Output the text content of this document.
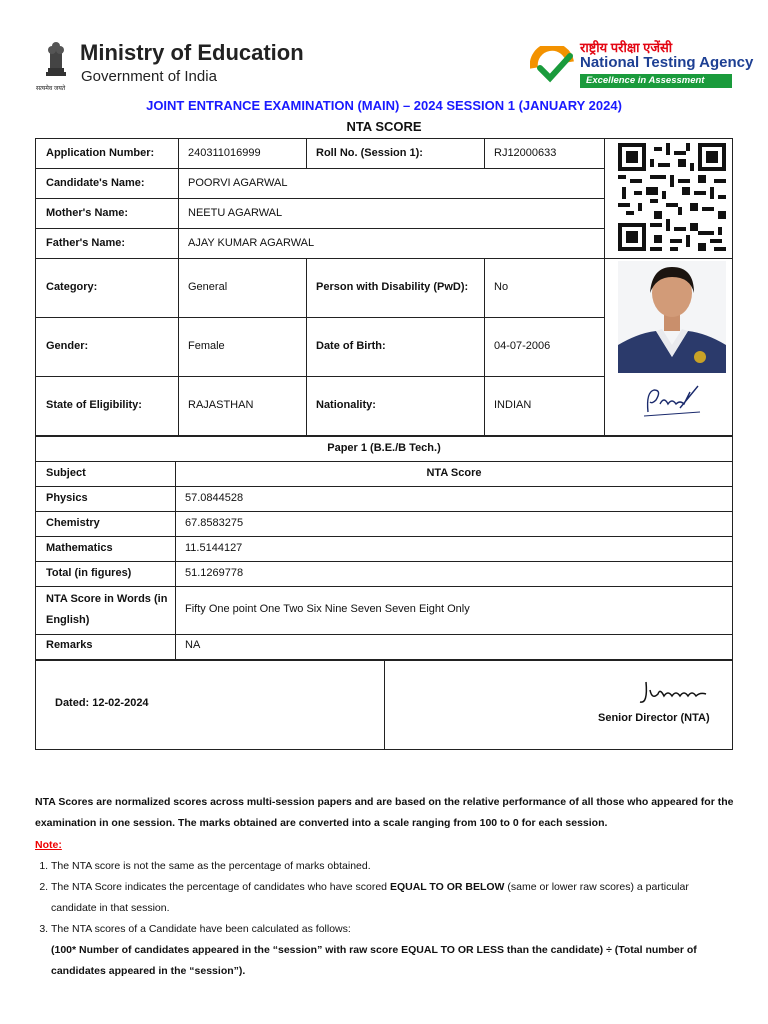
सत्यमेव जयते
Ministry of Education
Government of India
राष्ट्रीय परीक्षा एजेंसी
National Testing Agency
Excellence in Assessment
JOINT ENTRANCE EXAMINATION (MAIN) – 2024 SESSION 1 (JANUARY 2024)
NTA SCORE
Application Number:	240311016999	Roll No. (Session 1):	RJ12000633
Candidate's Name:	POORVI AGARWAL
Mother's Name:	NEETU AGARWAL
Father's Name:	AJAY KUMAR AGARWAL
Category:	General	Person with Disability (PwD): No
Gender:	Female	Date of Birth:	04-07-2006
State of Eligibility:	RAJASTHAN	Nationality:	INDIAN
Paper 1 (B.E./B Tech.)
Subject	NTA Score
Physics	57.0844528
Chemistry	67.8583275
Mathematics	11.5144127
Total (in figures)	51.1269778
NTA Score in Words (in English)
Fifty One point One Two Six Nine Seven Seven Eight Only
Remarks	NA
Dated: 12-02-2024
Senior Director (NTA)
NTA Scores are normalized scores across multi-session papers and are based on the relative performance of all those who appeared for the examination in one session. The marks obtained are converted into a scale ranging from 100 to 0 for each session.
Note:
1. The NTA score is not the same as the percentage of marks obtained.
2. The NTA Score indicates the percentage of candidates who have scored EQUAL TO OR BELOW (same or lower raw scores) a particular candidate in that session.
3. The NTA scores of a Candidate have been calculated as follows:
(100* Number of candidates appeared in the “session” with raw score EQUAL TO OR LESS than the candidate) ÷ (Total number of candidates appeared in the “session”).
